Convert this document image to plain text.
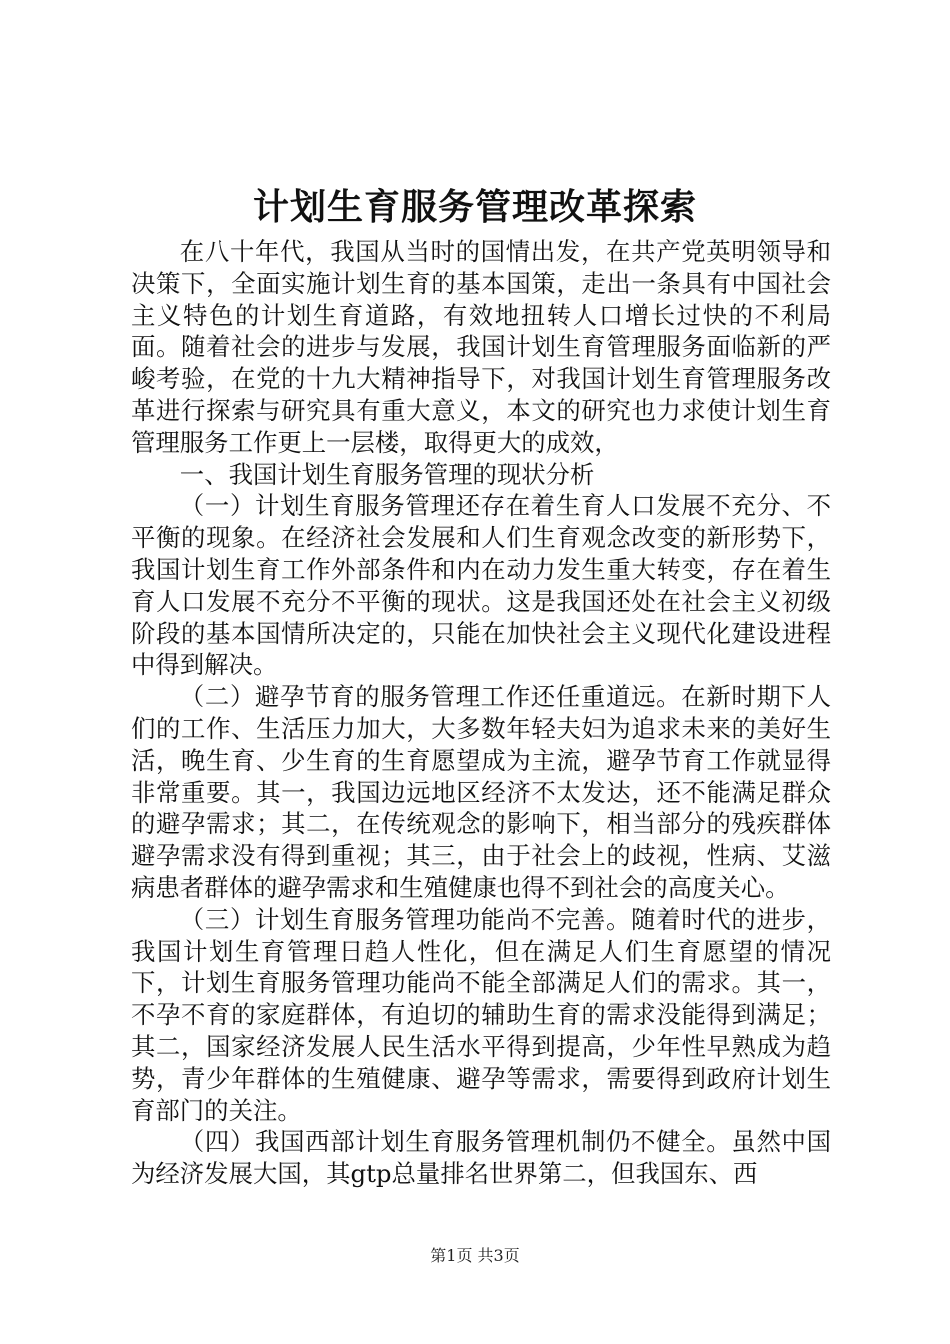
计划生育服务管理改革探索

在八十年代，我国从当时的国情出发，在共产党英明领导和决策下，全面实施计划生育的基本国策，走出一条具有中国社会主义特色的计划生育道路，有效地扭转人口增长过快的不利局面。随着社会的进步与发展，我国计划生育管理服务面临新的严峻考验，在党的十九大精神指导下，对我国计划生育管理服务改革进行探索与研究具有重大意义，本文的研究也力求使计划生育管理服务工作更上一层楼，取得更大的成效，

一、我国计划生育服务管理的现状分析

（一）计划生育服务管理还存在着生育人口发展不充分、不平衡的现象。在经济社会发展和人们生育观念改变的新形势下，我国计划生育工作外部条件和内在动力发生重大转变，存在着生育人口发展不充分不平衡的现状。这是我国还处在社会主义初级阶段的基本国情所决定的，只能在加快社会主义现代化建设进程中得到解决。

（二）避孕节育的服务管理工作还任重道远。在新时期下人们的工作、生活压力加大，大多数年轻夫妇为追求未来的美好生活，晚生育、少生育的生育愿望成为主流，避孕节育工作就显得非常重要。其一，我国边远地区经济不太发达，还不能满足群众的避孕需求；其二，在传统观念的影响下，相当部分的残疾群体避孕需求没有得到重视；其三，由于社会上的歧视，性病、艾滋病患者群体的避孕需求和生殖健康也得不到社会的高度关心。

（三）计划生育服务管理功能尚不完善。随着时代的进步，我国计划生育管理日趋人性化，但在满足人们生育愿望的情况下，计划生育服务管理功能尚不能全部满足人们的需求。其一，不孕不育的家庭群体，有迫切的辅助生育的需求没能得到满足；其二，国家经济发展人民生活水平得到提高，少年性早熟成为趋势，青少年群体的生殖健康、避孕等需求，需要得到政府计划生育部门的关注。

（四）我国西部计划生育服务管理机制仍不健全。虽然中国为经济发展大国，其gtp总量排名世界第二，但我国东、西

第1页 共3页
